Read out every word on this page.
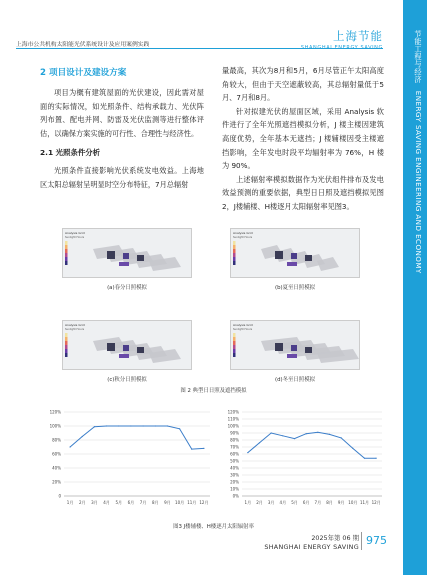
上海市公共机构太阳能光伏系统设计及应用案例实践
上海节能	节能工程与经济　ENERGY SAVING ENGINEERING AND ECONOMY
2 项目设计及建设方案

项目为概有建筑屋面的光伏建设，因此需对屋面的实际情况，如光照条件、结构承载力、光伏阵列布置、配电并网、防雷及光伏监测等进行整体评估，以确保方案实施的可行性、合理性与经济性。

2.1 光照条件分析

光照条件直接影响光伏系统发电效益。上海地区太阳总辐射呈明显时空分布特征，7月总辐射

量最高，其次为8月和5月，6月尽管正午太阳高度角较大，但由于天空遮蔽较高，其总辐射量低于5月、7月和8月。

针对拟建光伏的屋面区域，采用 Analysis 软件进行了全年光照遮挡模拟分析，J 楼主楼因建筑高度优势，全年基本无遮挡；J 楼辅楼因受主楼遮挡影响，全年发电时段平均辐射率为 76%，H 楼为 90%。

上述辐射率模拟数据作为光伏组件排布及发电效益预测的重要依据，典型日日照及遮挡模拟见图2，J楼辅楼、H楼逐月太阳辐射率见图3。

Analysis Grid
Sunlight Hours
Analysis Grid
Sunlight Hours
Analysis Grid
Sunlight Hours
Analysis Grid
Sunlight Hours
(a)春分日照模拟	(b)夏至日照模拟
(c)秋分日照模拟	(d)冬至日照模拟
图 2 典型日日照及遮挡模拟
0
20%
40%
60%
80%
100%
120%
1月 2月 3月 4月 5月 6月 7月 8月 9月 10月 11月 12月
0%
10%
20%
30%
40%
50%
60%
70%
80%
90%
100%
110%
120%
1月 2月 3月 4月 5月 6月 7月 8月 9月 10月 11月 12月
图3 J楼辅楼、H楼逐月太阳辐射率
2025年第 06 期
SHANGHAI ENERGY SAVING 975
